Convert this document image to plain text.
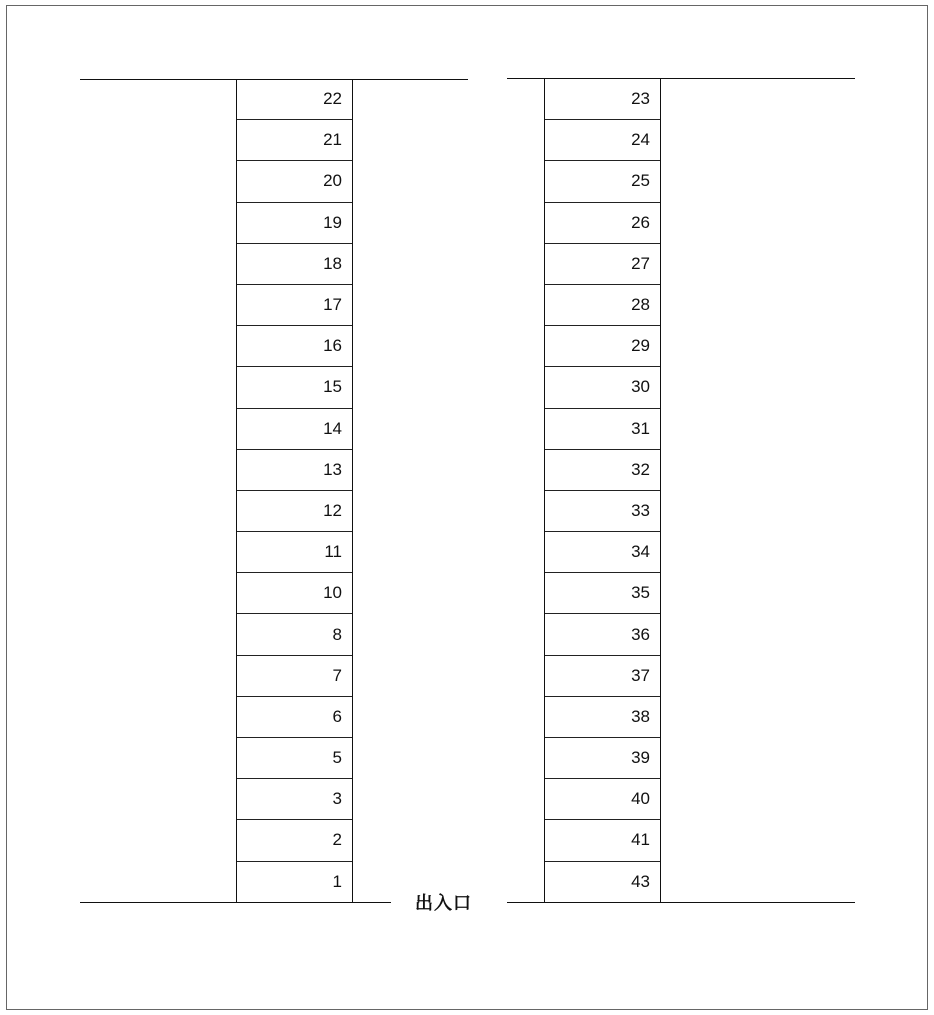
22
21
20
19
18
17
16
15
14
13
12
11
10
8
7
6
5
3
2
1
23
24
25
26
27
28
29
30
31
32
33
34
35
36
37
38
39
40
41
43
出入口
